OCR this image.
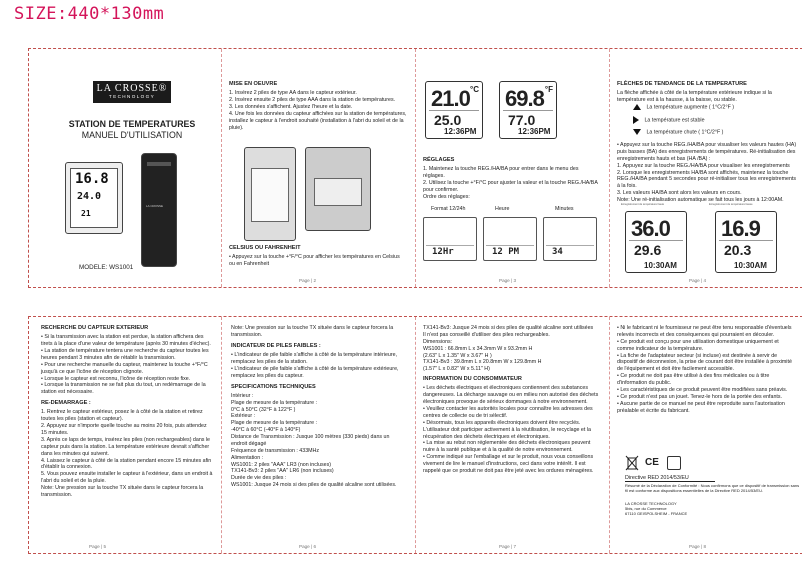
SIZE:440*130mm
LA CROSSE®
TECHNOLOGY
STATION DE TEMPERATURES
MANUEL D'UTILISATION
16.8
24.0
21
LA CROSSE
MODELE: WS1001
MISE EN OEUVRE
1. Insérez 2 piles de type AA dans le capteur extérieur.
2. Insérez ensuite 2 piles de type AAA dans la station de températures.
3. Les données s'affichent. Ajustez l'heure et la date.
4. Une fois les données du capteur affichées sur la station de températures, installez le capteur à l'endroit souhaité (installation à l'abri du soleil et de la pluie).
CELSIUS OU FAHRENHEIT
• Appuyez sur la touche +°F/°C pour afficher les températures en Celsius ou en Fahrenheit
Page | 2
21.0 °C
25.0
12:36PM
69.8 °F
77.0
12:36PM
RÉGLAGES
1. Maintenez la touche REG./HA/BA pour entrer dans le menu des réglages.
2. Utilisez la touche +°F/°C pour ajuster la valeur et la touche REG./HA/BA pour confirmer.
Ordre des réglages:
Format 12/24h	Heure	Minutes
12Hr	12 PM	34
Page | 3
FLÈCHES DE TENDANCE DE LA TEMPERATURE
La flèche affichée à côté de la température extérieure indique si la température est à la hausse, à la baisse, ou stable.
La température augmente ( 1°C/2°F )
La température est stable
La température chute ( 1°C/2°F )
• Appuyez sur la touche REG./HA/BA pour visualiser les valeurs hautes (HA) puis basses (BA) des enregistrements de températures. Ré-initialisation des enregistrements hauts et bas (HA /BA) :
1. Appuyez sur la touche REG./HA/BA pour visualiser les enregistrements
2. Lorsque les enregistrements HA/BA sont affichés, maintenez la touche REG./HA/BA pendant 5 secondes pour ré-initialiser tous les enregistrements à la fois.
3. Les valeurs HA/BA sont alors les valeurs en cours.
Note: Une ré-initialisation automatique se fait tous les jours à 12:00AM.
Enregistrement de température haute	Enregistrement de température basse
36.0
29.6
10:30AM
16.9
20.3
10:30AM
Page | 4
RECHERCHE DU CAPTEUR EXTERIEUR
• Si la transmission avec la station est perdue, la station affichera des tirets à la place d'une valeur de température (après 30 minutes d'échec).
• La station de température tentera une recherche du capteur toutes les heures pendant 3 minutes afin de rétablir la transmission.
• Pour une recherche manuelle du capteur, maintenez la touche +°F/°C jusqu'à ce que l'icône de réception clignote.
• Lorsque le capteur est reconnu, l'icône de réception reste fixe.
• Lorsque la transmission ne se fait plus du tout, un redémarrage de la station est nécessaire.
RE-DEMARRAGE :
1. Rentrez le capteur extérieur, posez le à côté de la station et retirez toutes les piles (station et capteur).
2. Appuyez sur n'importe quelle touche au moins 20 fois, puis attendez 15 minutes.
3. Après ce laps de temps, insérez les piles (non rechargeables) dans le capteur puis dans la station. La température extérieure devrait s'afficher dans les minutes qui suivent.
4. Laissez le capteur à côté de la station pendant encore 15 minutes afin d'établir la connexion.
5. Vous pouvez ensuite installer le capteur à l'extérieur, dans un endroit à l'abri du soleil et de la pluie.
Note: Une pression sur la touche TX située dans le capteur forcera la transmission.
Page | 5
Note: Une pression sur la touche TX située dans le capteur forcera la transmission.
INDICATEUR DE PILES FAIBLES :
• L'indicateur de pile faible s'affiche à côté de la température intérieure, remplacez les piles de la station.
• L'indicateur de pile faible s'affiche à côté de la température extérieure, remplacez les piles du capteur.
SPECIFICATIONS TECHNIQUES
Intérieur :
Plage de mesure de la température :
0°C à 50°C (32°F à 122°F )
Extérieur :
Plage de mesure de la température :
-40°C à 60°C (-40°F à 140°F)
Distance de Transmission : Jusque 100 mètres (330 pieds) dans un endroit dégagé
Fréquence de transmission : 433MHz
Alimentation :
WS1001: 2 piles "AAA" LR3 (non incluses)
TX141-Bv3: 2 piles "AA" LR6 (non incluses)
Durée de vie des piles :
WS1001: Jusque 24 mois si des piles de qualité alcaline sont utilisées.
Page | 6
TX141-Bv3: Jusque 24 mois si des piles de qualité alcaline sont utilisées
Il n'est pas conseillé d'utiliser des piles rechargeables.
Dimensions:
WS1001 : 66.8mm L x 34.3mm W x 93.2mm H
(2.63" L x 1.35" W x 3.67" H )
TX141-Bv3 : 39.8mm L x 20.8mm W x 129.8mm H
(1.57" L x 0.82" W x 5.11" H)
INFORMATION DU CONSOMMATEUR
• Les déchets électriques et électroniques contiennent des substances dangereuses. La décharge sauvage ou en milieu non autorisé des déchets électroniques provoque de sérieux dommages à notre environnement.
• Veuillez contacter les autorités locales pour connaître les adresses des centres de collecte ou de tri sélectif.
• Désormais, tous les appareils électroniques doivent être recyclés. L'utilisateur doit participer activement à la réutilisation, le recyclage et la récupération des déchets électriques et électroniques.
• La mise au rebut non réglementée des déchets électroniques peuvent nuire à la santé publique et à la qualité de notre environnement.
• Comme indiqué sur l'emballage et sur le produit, nous vous conseillons vivement de lire le manuel d'instructions, ceci dans votre intérêt. Il est rappelé que ce produit ne doit pas être jeté avec les ordures ménagères.
Page | 7
• Ni le fabricant ni le fournisseur ne peut être tenu responsable d'éventuels relevés incorrects et des conséquences qui pourraient en découler.
• Ce produit est conçu pour une utilisation domestique uniquement et comme indicateur de la température.
• La fiche de l'adaptateur secteur (si incluse) est destinée à servir de dispositif de déconnexion, la prise de courant doit être installée à proximité de l'équipement et doit être facilement accessible.
• Ce produit ne doit pas être utilisé à des fins médicales ou à titre d'information du public.
• Les caractéristiques de ce produit peuvent être modifiées sans préavis.
• Ce produit n'est pas un jouet. Tenez-le hors de la portée des enfants.
• Aucune partie de ce manuel ne peut être reproduite sans l'autorisation préalable et écrite du fabricant.
CE
Directive RED 2014/53/EU
Résumé de la Déclaration de Conformité : Nous confirmons que ce dispositif de transmission sans fil est conforme aux dispositions essentielles de la Directive RED 2014/53/EU.
LA CROSSE TECHNOLOGY
5bis, rue du Commerce
67110 GEISPOLSHEIM - FRANCE
Page | 8
